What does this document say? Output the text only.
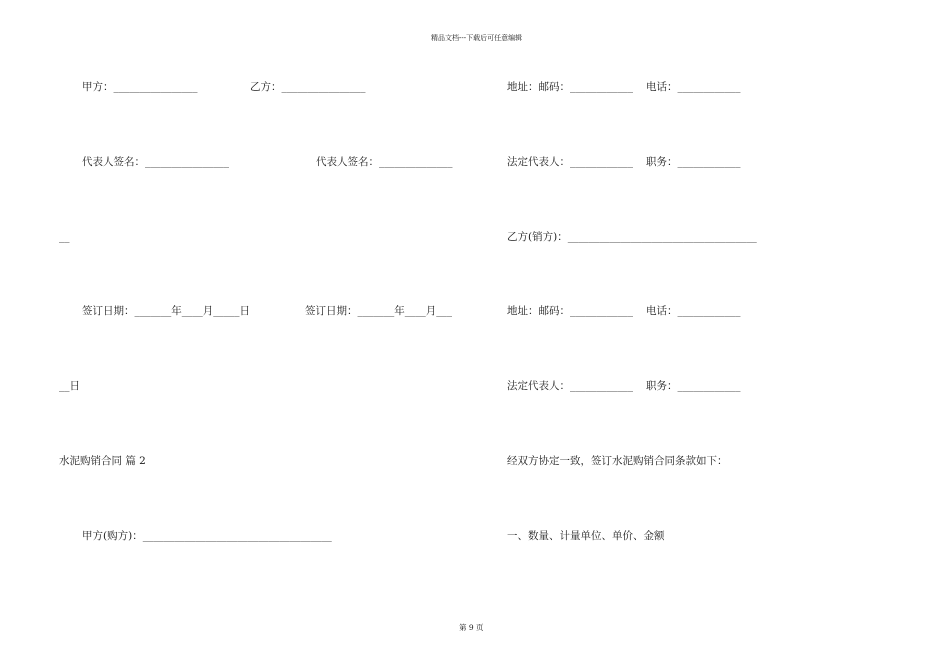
精品文档---下载后可任意编辑
甲方：________________	乙方：________________	地址：邮码：____________ 电话：____________
代表人签名：________________	代表人签名：______________	法定代表人：____________ 职务：____________
__	乙方(销方)：____________________________________
签订日期：_______年____月_____日	签订日期：_______年____月___	地址：邮码：____________ 电话：____________
__日	法定代表人：____________ 职务：____________
水泥购销合同 篇 2	经双方协定一致，签订水泥购销合同条款如下：
甲方(购方)：____________________________________	一、数量、计量单位、单价、金额
第 9 页
